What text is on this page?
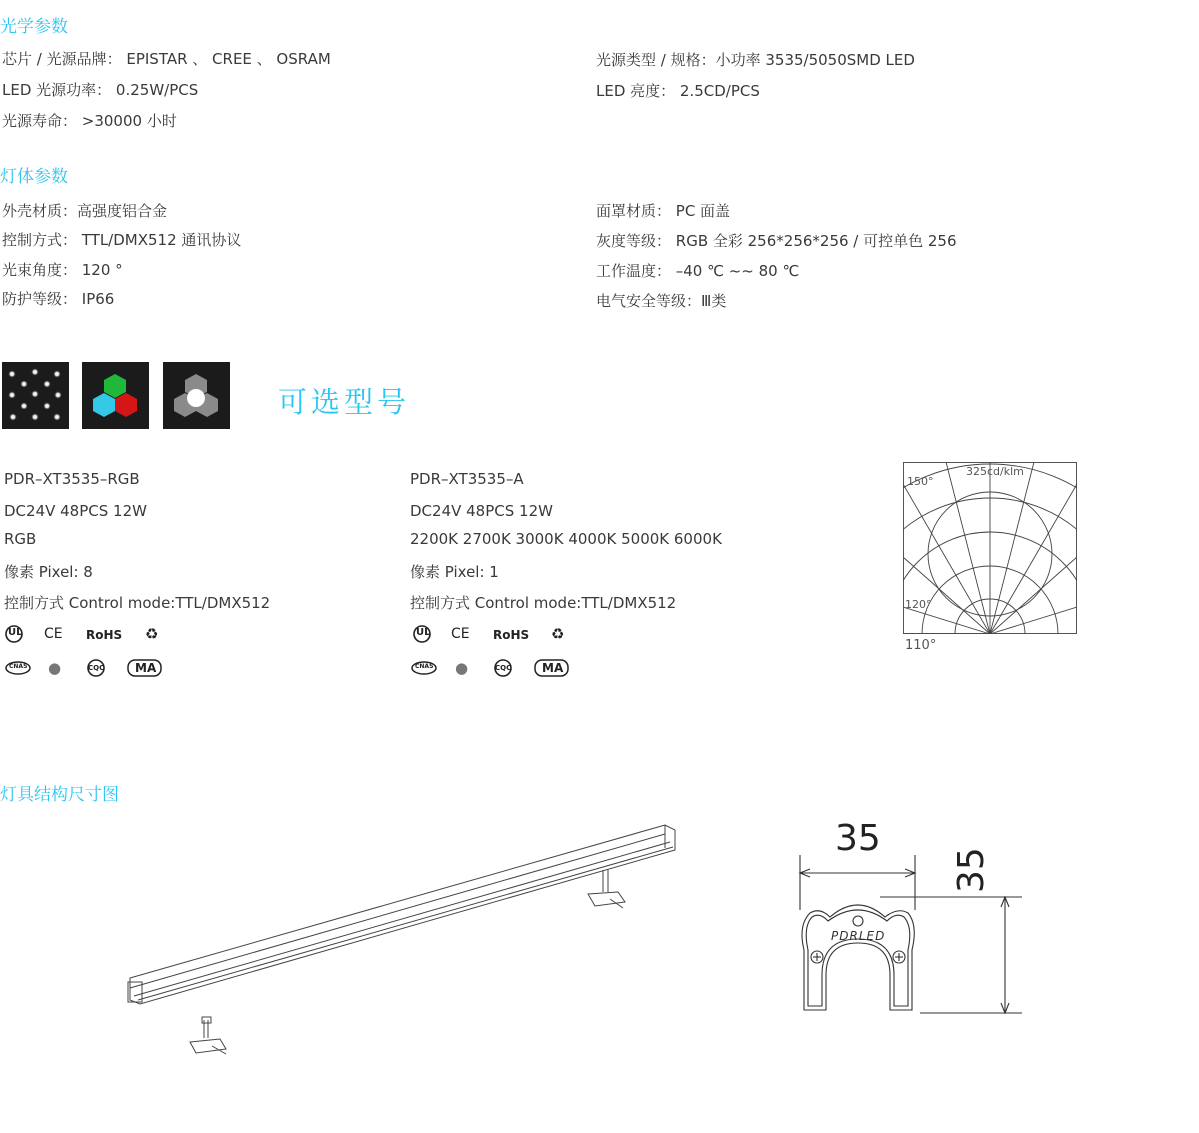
光学参数
芯片 / 光源品牌： EPISTAR 、 CREE 、 OSRAM
LED 光源功率： 0.25W/PCS
光源寿命： >30000 小时
光源类型 / 规格：小功率 3535/5050SMD LED
LED 亮度： 2.5CD/PCS
灯体参数
外壳材质：高强度铝合金
控制方式： TTL/DMX512 通讯协议
光束角度： 120 °
防护等级： IP66
面罩材质： PC 面盖
灰度等级： RGB 全彩 256*256*256 / 可控单色 256
工作温度： –40 ℃ ~~ 80 ℃
电气安全等级：Ⅲ类
可选型号
PDR–XT3535–RGB
DC24V 48PCS 12W
RGB
像素 Pixel: 8
控制方式 Control mode:TTL/DMX512
UL CE RoHS ♻
CNAS ●	CQC	MA
PDR–XT3535–A
DC24V 48PCS 12W
2200K 2700K 3000K 4000K 5000K 6000K
像素 Pixel: 1
控制方式 Control mode:TTL/DMX512
UL CE RoHS ♻
CNAS ●	CQC	MA
325cd/klm
150°
120°
110°
灯具结构尺寸图
35
35
PDRLED
